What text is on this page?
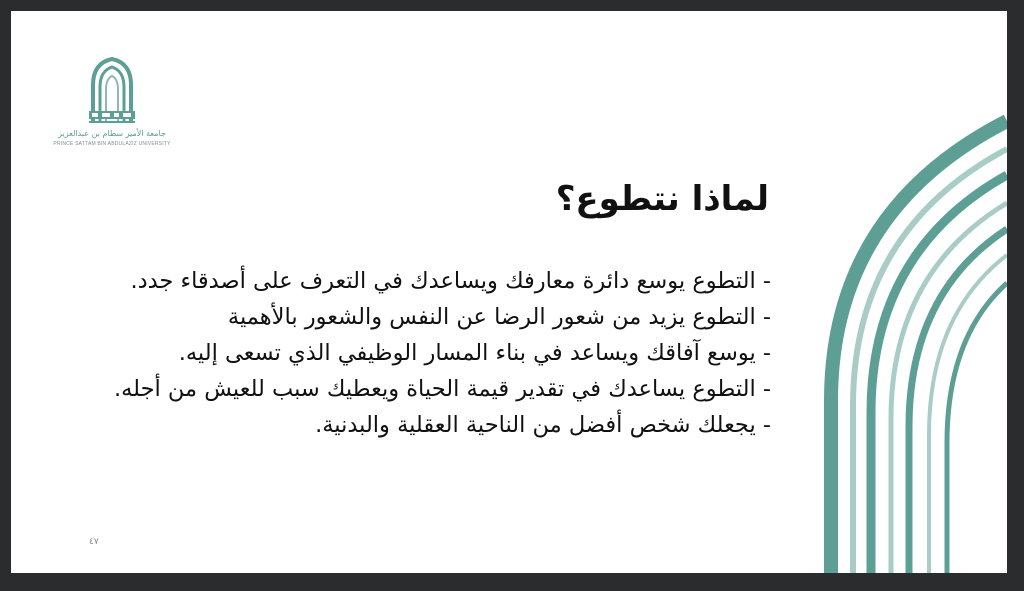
جامعة الأمير سطام بن عبدالعزيز
PRINCE SATTAM BIN ABDULAZIZ UNIVERSITY
لماذا نتطوع؟
- التطوع يوسع دائرة معارفك ويساعدك في التعرف على أصدقاء جدد.
- التطوع يزيد من شعور الرضا عن النفس والشعور بالأهمية
- يوسع آفاقك ويساعد في بناء المسار الوظيفي الذي تسعى إليه.
- التطوع يساعدك في تقدير قيمة الحياة ويعطيك سبب للعيش من أجله.
- يجعلك شخص أفضل من الناحية العقلية والبدنية.
٤٧
